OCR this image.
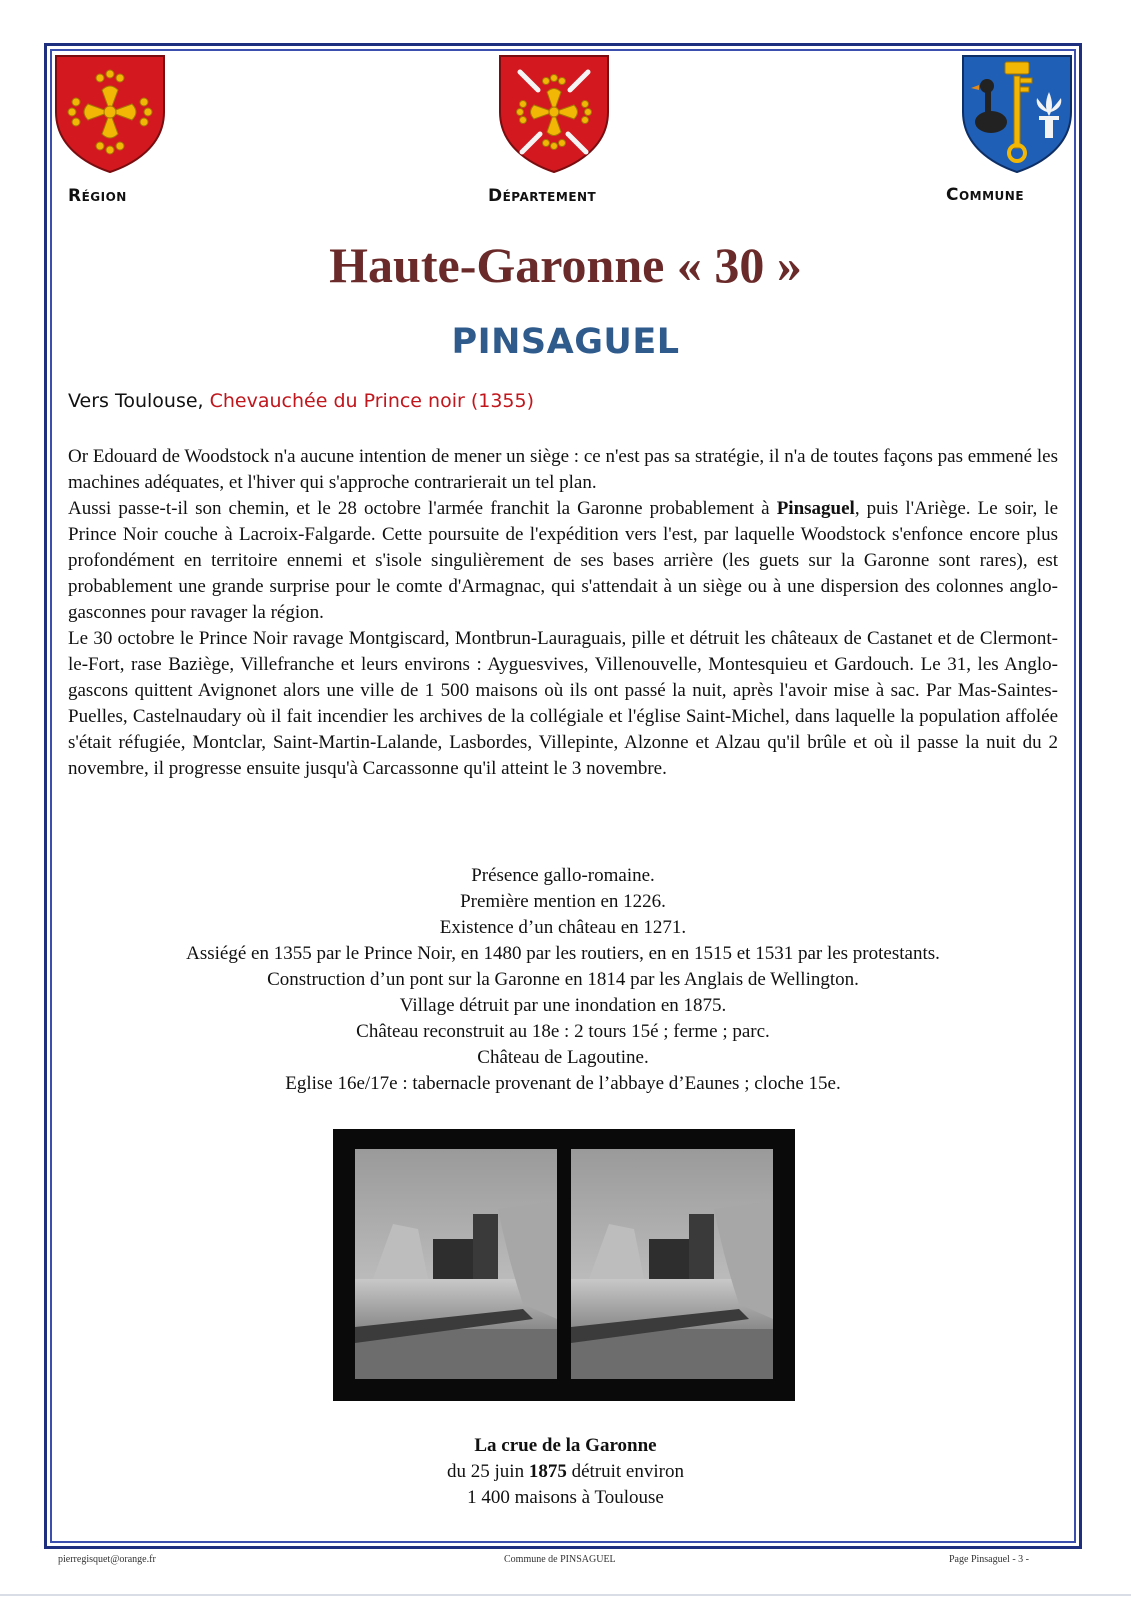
Région	Département	Commune
Haute-Garonne « 30 »
PINSAGUEL
Vers Toulouse, Chevauchée du Prince noir (1355)

Or Edouard de Woodstock n'a aucune intention de mener un siège : ce n'est pas sa stratégie, il n'a de toutes façons pas emmené les machines adéquates, et l'hiver qui s'approche contrarierait un tel plan.

Aussi passe-t-il son chemin, et le 28 octobre l'armée franchit la Garonne probablement à Pinsaguel, puis l'Ariège. Le soir, le Prince Noir couche à Lacroix-Falgarde. Cette poursuite de l'expédition vers l'est, par laquelle Woodstock s'enfonce encore plus profondément en territoire ennemi et s'isole singulièrement de ses bases arrière (les guets sur la Garonne sont rares), est probablement une grande surprise pour le comte d'Armagnac, qui s'attendait à un siège ou à une dispersion des colonnes anglo-gasconnes pour ravager la région.

Le 30 octobre le Prince Noir ravage Montgiscard, Montbrun-Lauraguais, pille et détruit les châteaux de Castanet et de Clermont-le-Fort, rase Baziège, Villefranche et leurs environs : Ayguesvives, Villenouvelle, Montesquieu et Gardouch. Le 31, les Anglo-gascons quittent Avignonet alors une ville de 1 500 maisons où ils ont passé la nuit, après l'avoir mise à sac. Par Mas-Saintes-Puelles, Castelnaudary où il fait incendier les archives de la collégiale et l'église Saint-Michel, dans laquelle la population affolée s'était réfugiée, Montclar, Saint-Martin-Lalande, Lasbordes, Villepinte, Alzonne et Alzau qu'il brûle et où il passe la nuit du 2 novembre, il progresse ensuite jusqu'à Carcassonne qu'il atteint le 3 novembre.

Présence gallo-romaine.
Première mention en 1226.
Existence d’un château en 1271.
Assiégé en 1355 par le Prince Noir, en 1480 par les routiers, en en 1515 et 1531 par les protestants.
Construction d’un pont sur la Garonne en 1814 par les Anglais de Wellington.
Village détruit par une inondation en 1875.
Château reconstruit au 18e : 2 tours 15é ; ferme ; parc.
Château de Lagoutine.
Eglise 16e/17e : tabernacle provenant de l’abbaye d’Eaunes ; cloche 15e.
La crue de la Garonne
du 25 juin 1875 détruit environ
1 400 maisons à Toulouse
pierregisquet@orange.fr	Commune de PINSAGUEL	Page Pinsaguel - 3 -
